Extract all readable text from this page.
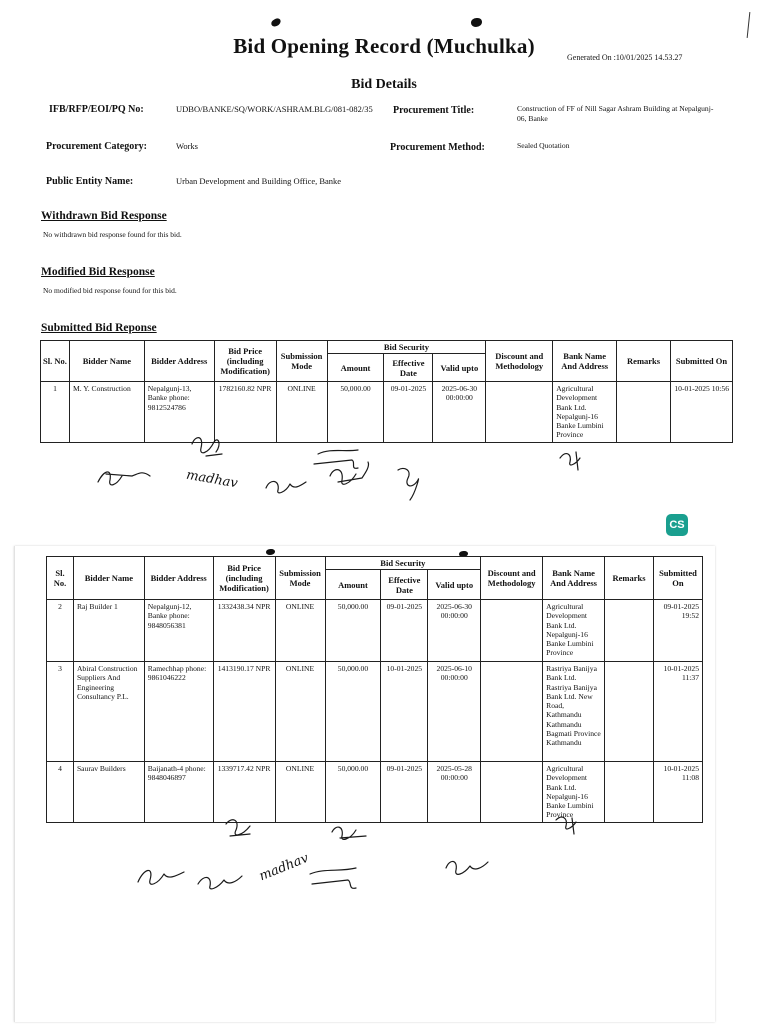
Bid Opening Record (Muchulka)	Generated On :10/01/2025 14.53.27
Bid Details
IFB/RFP/EOI/PQ No:	UDBO/BANKE/SQ/WORK/ASHRAM.BLG/081-082/35	Procurement Title:	Construction of FF of Nill Sagar Ashram Building at Nepalgunj-06, Banke
Procurement Category:	Works	Procurement Method:	Sealed Quotation
Public Entity Name:	Urban Development and Building Office, Banke
Withdrawn Bid Response
No withdrawn bid response found for this bid.
Modified Bid Response
No modified bid response found for this bid.
Submitted Bid Reponse
Sl. No.	Bidder Name	Bidder Address	Bid Price (including Modification)	Submission Mode	Bid Security			Discount and Methodology	Bank Name And Address	Remarks	Submitted On
					Amount	Effective Date	Valid upto				
1	M. Y. Construction	Nepalgunj-13, Banke phone: 9812524786	1782160.82 NPR	ONLINE	50,000.00	09-01-2025	2025-06-30 00:00:00		Agricultural Development Bank Ltd. Nepalgunj-16 Banke Lumbini Province		10-01-2025 10:56
madhav
CS
Sl. No.	Bidder Name	Bidder Address	Bid Price (including Modification)	Submission Mode	Bid Security			Discount and Methodology	Bank Name And Address	Remarks	Submitted On
					Amount	Effective Date	Valid upto				
2	Raj Builder 1	Nepalgunj-12, Banke phone: 9848056381	1332438.34 NPR	ONLINE	50,000.00	09-01-2025	2025-06-30 00:00:00		Agricultural Development Bank Ltd. Nepalgunj-16 Banke Lumbini Province		09-01-2025 19:52
3	Abiral Construction Suppliers And Engineering Consultancy P.L.	Ramechhap phone: 9861046222	1413190.17 NPR	ONLINE	50,000.00	10-01-2025	2025-06-10 00:00:00		Rastriya Banijya Bank Ltd. Rastriya Banijya Bank Ltd. New Road, Kathmandu Kathmandu Bagmati Province Kathmandu		10-01-2025 11:37
4	Saurav Builders	Baijanath-4 phone: 9848046897	1339717.42 NPR	ONLINE	50,000.00	09-01-2025	2025-05-28 00:00:00		Agricultural Development Bank Ltd. Nepalgunj-16 Banke Lumbini Province		10-01-2025 11:08
madhav
